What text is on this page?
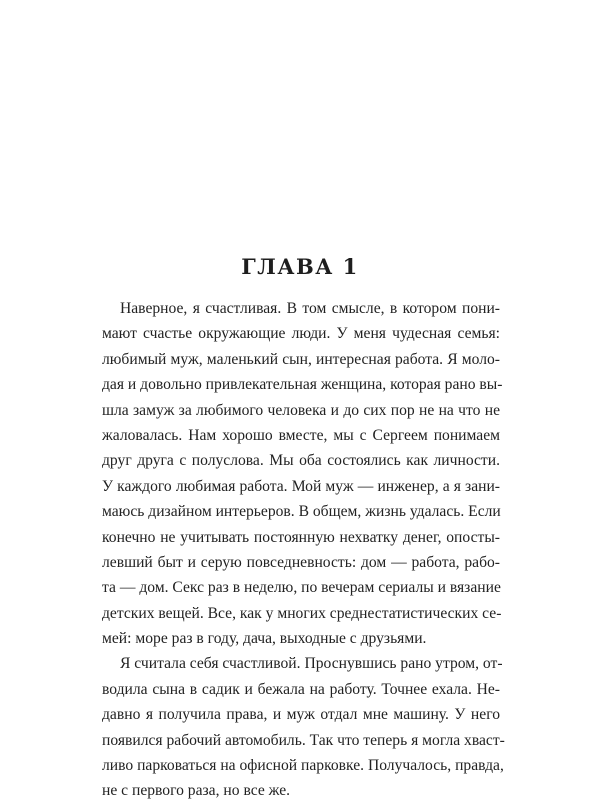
ГЛАВА 1
Наверное, я счастливая. В том смысле, в котором пони-
мают счастье окружающие люди. У меня чудесная семья:
любимый муж, маленький сын, интересная работа. Я моло-
дая и довольно привлекательная женщина, которая рано вы-
шла замуж за любимого человека и до сих пор не на что не
жаловалась. Нам хорошо вместе, мы с Сергеем понимаем
друг друга с полуслова. Мы оба состоялись как личности.
У каждого любимая работа. Мой муж — инженер, а я зани-
маюсь дизайном интерьеров. В общем, жизнь удалась. Если
конечно не учитывать постоянную нехватку денег, опосты-
левший быт и серую повседневность: дом — работа, рабо-
та — дом. Секс раз в неделю, по вечерам сериалы и вязание
детских вещей. Все, как у многих среднестатистических се-
мей: море раз в году, дача, выходные с друзьями.
Я считала себя счастливой. Проснувшись рано утром, от-
водила сына в садик и бежала на работу. Точнее ехала. Не-
давно я получила права, и муж отдал мне машину. У него
появился рабочий автомобиль. Так что теперь я могла хваст-
ливо парковаться на офисной парковке. Получалось, правда,
не с первого раза, но все же.
